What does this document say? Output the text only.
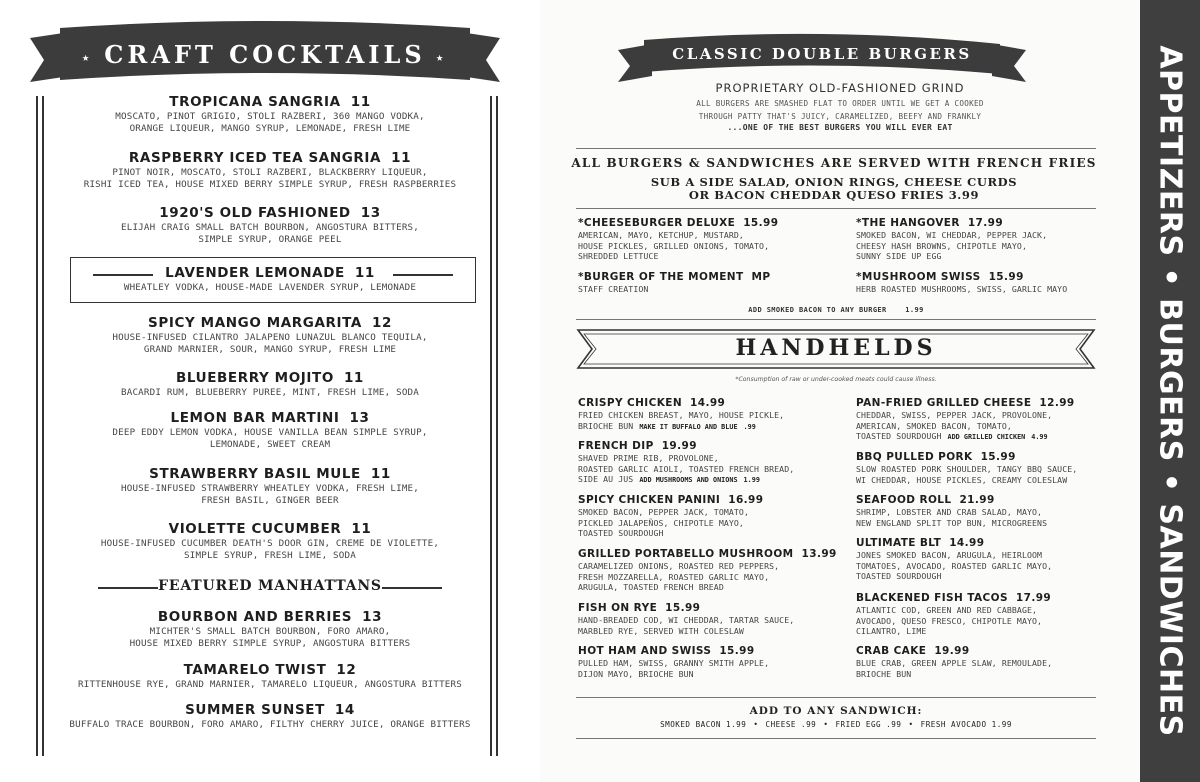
★	★
CRAFT COCKTAILS
TROPICANA SANGRIA 11
MOSCATO, PINOT GRIGIO, STOLI RAZBERI, 360 MANGO VODKA,
ORANGE LIQUEUR, MANGO SYRUP, LEMONADE, FRESH LIME
RASPBERRY ICED TEA SANGRIA 11
PINOT NOIR, MOSCATO, STOLI RAZBERI, BLACKBERRY LIQUEUR,
RISHI ICED TEA, HOUSE MIXED BERRY SIMPLE SYRUP, FRESH RASPBERRIES
1920'S OLD FASHIONED 13
ELIJAH CRAIG SMALL BATCH BOURBON, ANGOSTURA BITTERS,
SIMPLE SYRUP, ORANGE PEEL
LAVENDER LEMONADE 11
WHEATLEY VODKA, HOUSE-MADE LAVENDER SYRUP, LEMONADE
SPICY MANGO MARGARITA 12
HOUSE-INFUSED CILANTRO JALAPENO LUNAZUL BLANCO TEQUILA,
GRAND MARNIER, SOUR, MANGO SYRUP, FRESH LIME
BLUEBERRY MOJITO 11
BACARDI RUM, BLUEBERRY PUREE, MINT, FRESH LIME, SODA
LEMON BAR MARTINI 13
DEEP EDDY LEMON VODKA, HOUSE VANILLA BEAN SIMPLE SYRUP,
LEMONADE, SWEET CREAM
STRAWBERRY BASIL MULE 11
HOUSE-INFUSED STRAWBERRY WHEATLEY VODKA, FRESH LIME,
FRESH BASIL, GINGER BEER
VIOLETTE CUCUMBER 11
HOUSE-INFUSED CUCUMBER DEATH'S DOOR GIN, CREME DE VIOLETTE,
SIMPLE SYRUP, FRESH LIME, SODA
FEATURED MANHATTANS
BOURBON AND BERRIES 13
MICHTER'S SMALL BATCH BOURBON, FORO AMARO,
HOUSE MIXED BERRY SIMPLE SYRUP, ANGOSTURA BITTERS
TAMARELO TWIST 12
RITTENHOUSE RYE, GRAND MARNIER, TAMARELO LIQUEUR, ANGOSTURA BITTERS
SUMMER SUNSET 14
BUFFALO TRACE BOURBON, FORO AMARO, FILTHY CHERRY JUICE, ORANGE BITTERS
CLASSIC DOUBLE BURGERS
PROPRIETARY OLD-FASHIONED GRIND
ALL BURGERS ARE SMASHED FLAT TO ORDER UNTIL WE GET A COOKED
THROUGH PATTY THAT'S JUICY, CARAMELIZED, BEEFY AND FRANKLY
...ONE OF THE BEST BURGERS YOU WILL EVER EAT
ALL BURGERS & SANDWICHES ARE SERVED WITH FRENCH FRIES
SUB A SIDE SALAD, ONION RINGS, CHEESE CURDS
OR BACON CHEDDAR QUESO FRIES 3.99
*CHEESEBURGER DELUXE 15.99
AMERICAN, MAYO, KETCHUP, MUSTARD,
HOUSE PICKLES, GRILLED ONIONS, TOMATO,
SHREDDED LETTUCE
*THE HANGOVER 17.99
SMOKED BACON, WI CHEDDAR, PEPPER JACK,
CHEESY HASH BROWNS, CHIPOTLE MAYO,
SUNNY SIDE UP EGG
*BURGER OF THE MOMENT MP
STAFF CREATION
*MUSHROOM SWISS 15.99
HERB ROASTED MUSHROOMS, SWISS, GARLIC MAYO
ADD SMOKED BACON TO ANY BURGER	1.99
HANDHELDS
*Consumption of raw or under-cooked meats could cause illness.
CRISPY CHICKEN 14.99
FRIED CHICKEN BREAST, MAYO, HOUSE PICKLE,
BRIOCHE BUN MAKE IT BUFFALO AND BLUE .99
FRENCH DIP 19.99
SHAVED PRIME RIB, PROVOLONE,
ROASTED GARLIC AIOLI, TOASTED FRENCH BREAD,
SIDE AU JUS ADD MUSHROOMS AND ONIONS 1.99
SPICY CHICKEN PANINI 16.99
SMOKED BACON, PEPPER JACK, TOMATO,
PICKLED JALAPEÑOS, CHIPOTLE MAYO,
TOASTED SOURDOUGH
GRILLED PORTABELLO MUSHROOM 13.99
CARAMELIZED ONIONS, ROASTED RED PEPPERS,
FRESH MOZZARELLA, ROASTED GARLIC MAYO,
ARUGULA, TOASTED FRENCH BREAD
FISH ON RYE 15.99
HAND-BREADED COD, WI CHEDDAR, TARTAR SAUCE,
MARBLED RYE, SERVED WITH COLESLAW
HOT HAM AND SWISS 15.99
PULLED HAM, SWISS, GRANNY SMITH APPLE,
DIJON MAYO, BRIOCHE BUN
PAN-FRIED GRILLED CHEESE 12.99
CHEDDAR, SWISS, PEPPER JACK, PROVOLONE,
AMERICAN, SMOKED BACON, TOMATO,
TOASTED SOURDOUGH ADD GRILLED CHICKEN 4.99
BBQ PULLED PORK 15.99
SLOW ROASTED PORK SHOULDER, TANGY BBQ SAUCE,
WI CHEDDAR, HOUSE PICKLES, CREAMY COLESLAW
SEAFOOD ROLL 21.99
SHRIMP, LOBSTER AND CRAB SALAD, MAYO,
NEW ENGLAND SPLIT TOP BUN, MICROGREENS
ULTIMATE BLT 14.99
JONES SMOKED BACON, ARUGULA, HEIRLOOM
TOMATOES, AVOCADO, ROASTED GARLIC MAYO,
TOASTED SOURDOUGH
BLACKENED FISH TACOS 17.99
ATLANTIC COD, GREEN AND RED CABBAGE,
AVOCADO, QUESO FRESCO, CHIPOTLE MAYO,
CILANTRO, LIME
CRAB CAKE 19.99
BLUE CRAB, GREEN APPLE SLAW, REMOULADE,
BRIOCHE BUN
ADD TO ANY SANDWICH:
SMOKED BACON 1.99 • CHEESE .99 • FRIED EGG .99 • FRESH AVOCADO 1.99	APPETIZERS • BURGERS • SANDWICHES
